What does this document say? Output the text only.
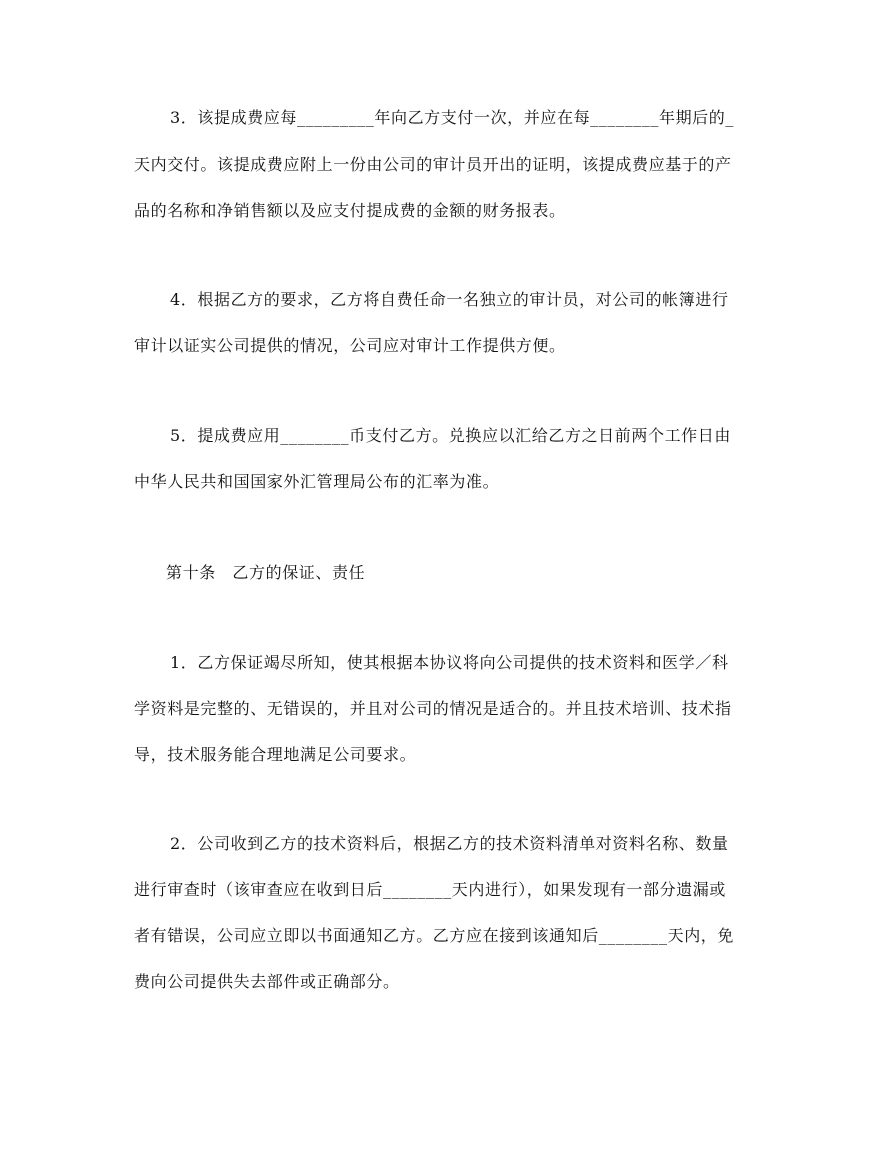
3．该提成费应每_________年向乙方支付一次，并应在每________年期后的_
天内交付。该提成费应附上一份由公司的审计员开出的证明，该提成费应基于的产
品的名称和净销售额以及应支付提成费的金额的财务报表。
4．根据乙方的要求，乙方将自费任命一名独立的审计员，对公司的帐簿进行
审计以证实公司提供的情况，公司应对审计工作提供方便。
5．提成费应用________币支付乙方。兑换应以汇给乙方之日前两个工作日由
中华人民共和国国家外汇管理局公布的汇率为准。
第十条　乙方的保证、责任
1．乙方保证竭尽所知，使其根据本协议将向公司提供的技术资料和医学／科
学资料是完整的、无错误的，并且对公司的情况是适合的。并且技术培训、技术指
导，技术服务能合理地满足公司要求。
2．公司收到乙方的技术资料后，根据乙方的技术资料清单对资料名称、数量
进行审查时（该审查应在收到日后________天内进行），如果发现有一部分遗漏或
者有错误，公司应立即以书面通知乙方。乙方应在接到该通知后________天内，免
费向公司提供失去部件或正确部分。
